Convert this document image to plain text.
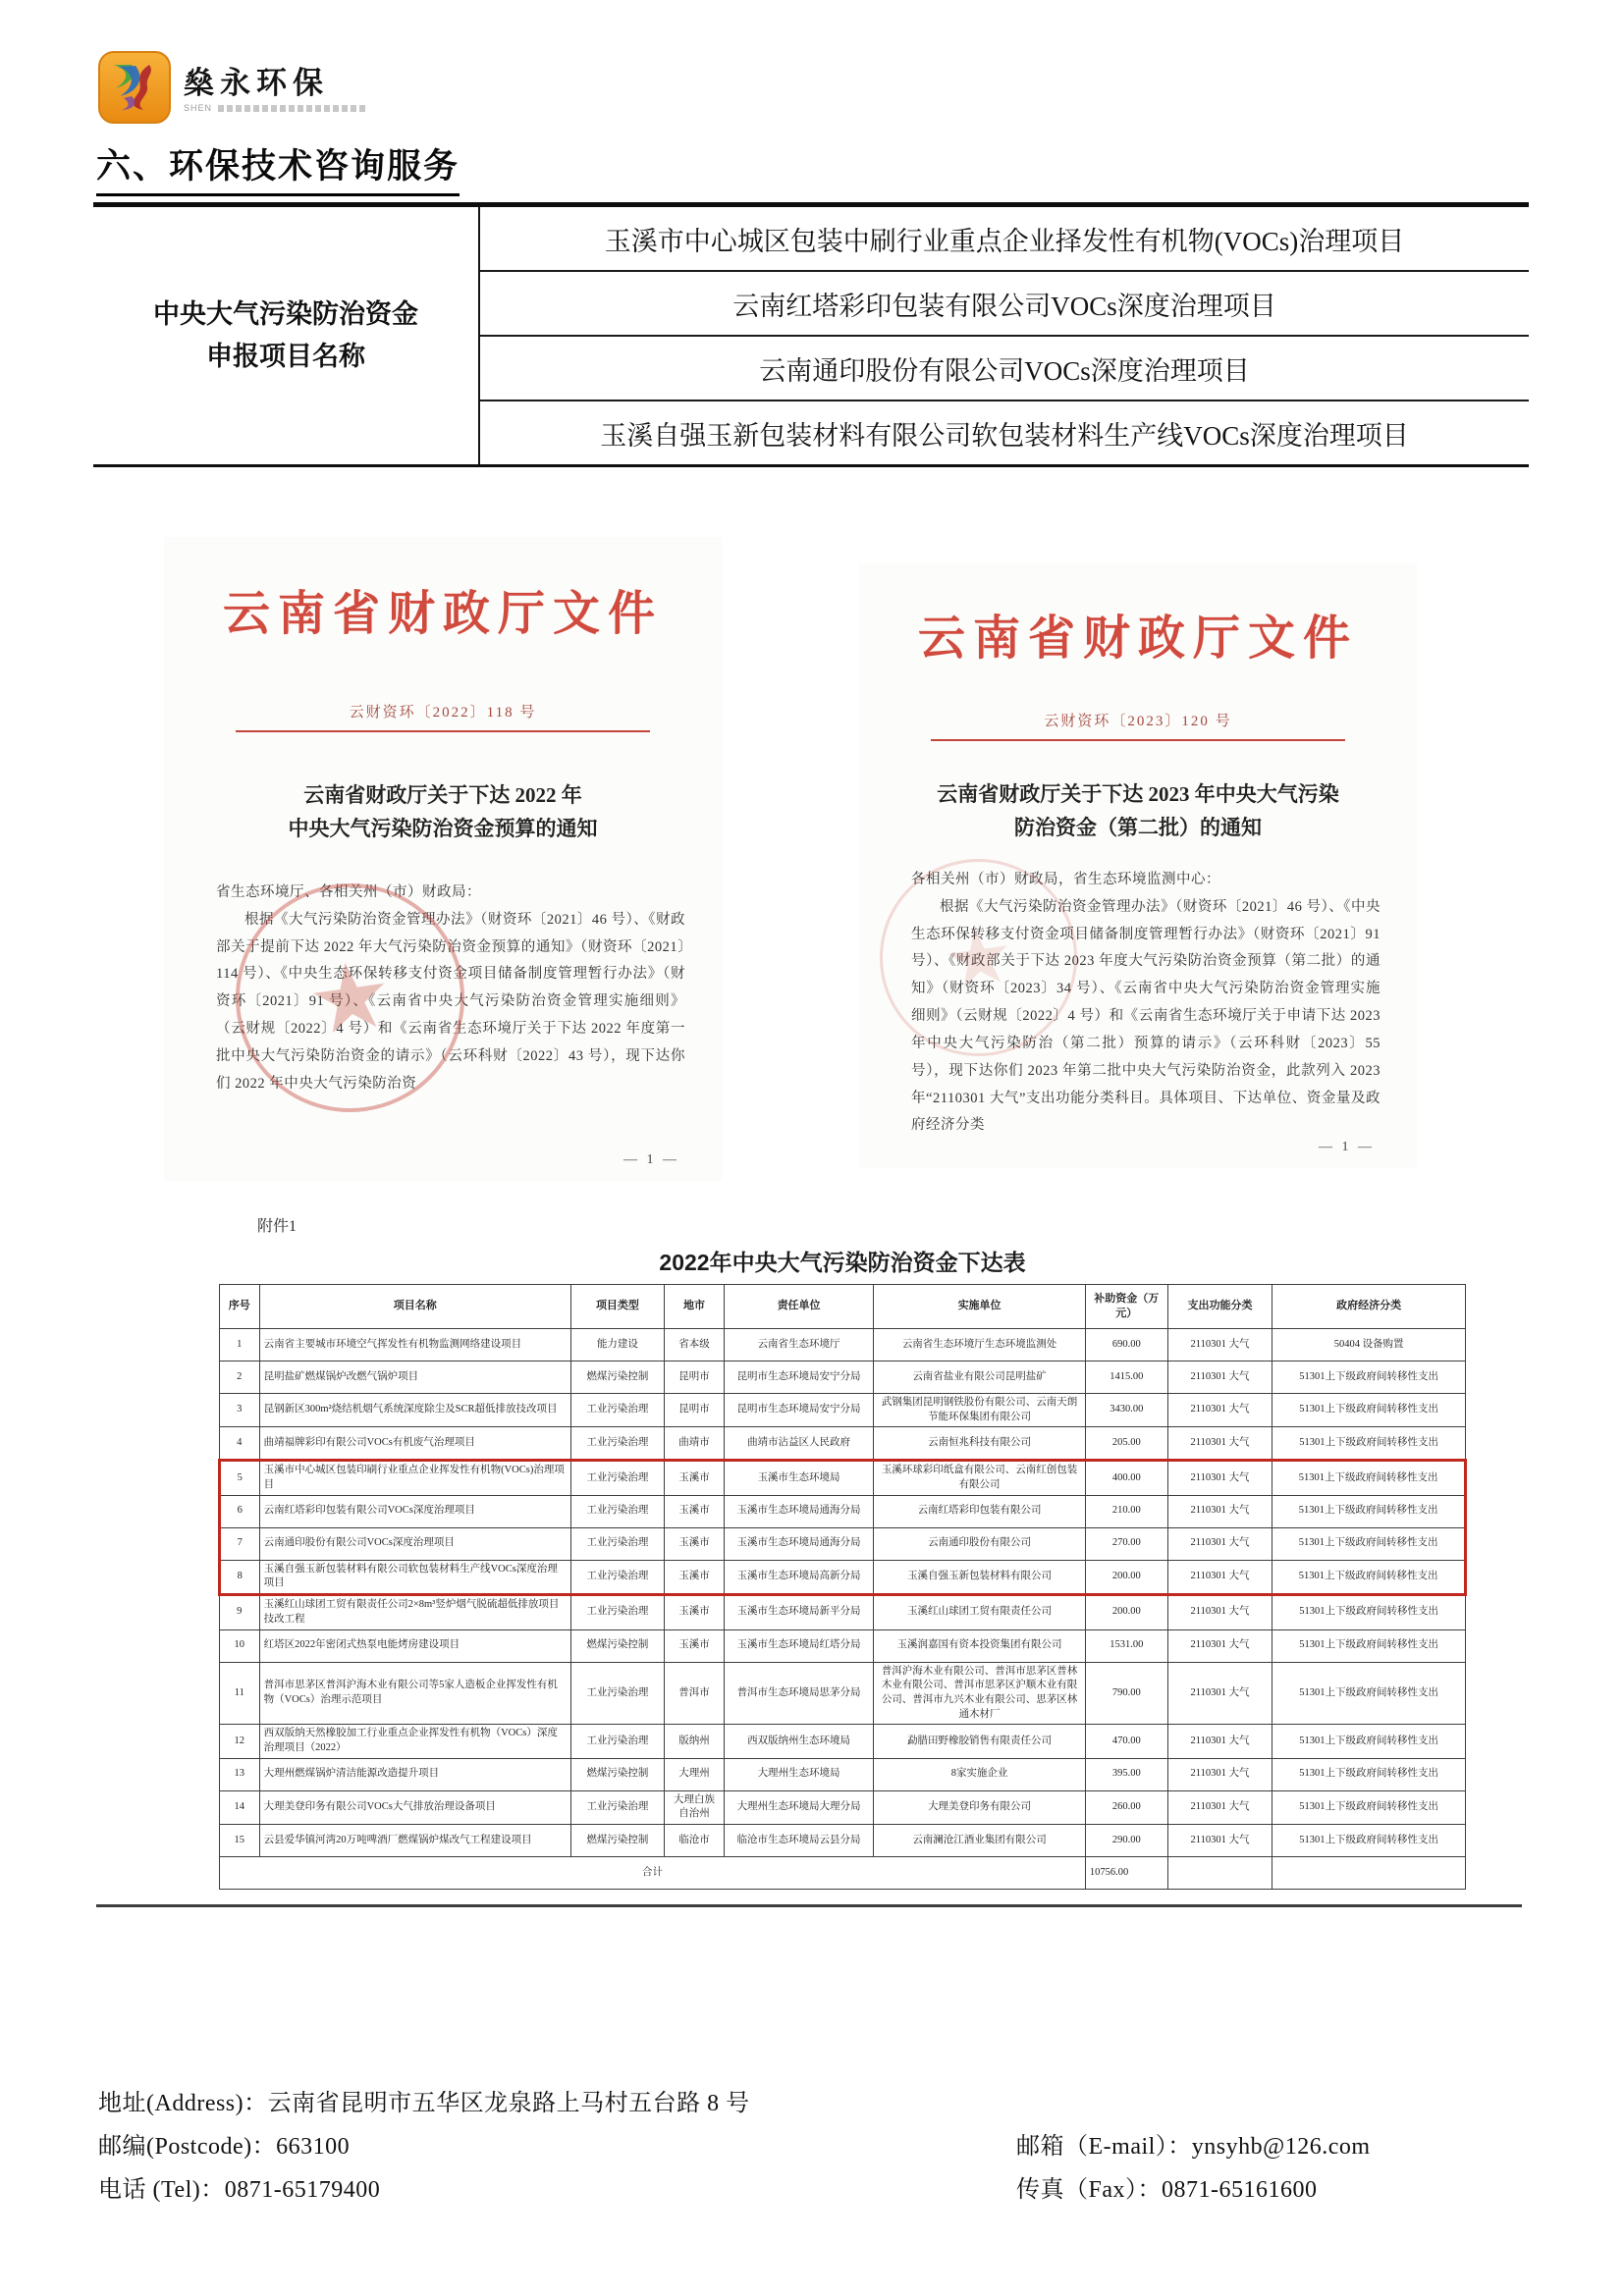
燊永环保
SHEN
六、环保技术咨询服务
中央大气污染防治资金申报项目名称
玉溪市中心城区包装中刷行业重点企业择发性有机物(VOCs)治理项目
云南红塔彩印包装有限公司VOCs深度治理项目
云南通印股份有限公司VOCs深度治理项目
玉溪自强玉新包装材料有限公司软包装材料生产线VOCs深度治理项目
云南省财政厅文件
云财资环〔2022〕118 号
云南省财政厅关于下达 2022 年
中央大气污染防治资金预算的通知

省生态环境厅、各相关州（市）财政局：

根据《大气污染防治资金管理办法》（财资环〔2021〕46 号）、《财政部关于提前下达 2022 年大气污染防治资金预算的通知》（财资环〔2021〕114 号）、《中央生态环保转移支付资金项目储备制度管理暂行办法》（财资环〔2021〕91 号）、《云南省中央大气污染防治资金管理实施细则》（云财规〔2022〕4 号）和《云南省生态环境厅关于下达 2022 年度第一批中央大气污染防治资金的请示》（云环科财〔2022〕43 号），现下达你们 2022 年中央大气污染防治资

★
— 1 —
云南省财政厅文件
云财资环〔2023〕120 号
云南省财政厅关于下达 2023 年中央大气污染
防治资金（第二批）的通知

各相关州（市）财政局，省生态环境监测中心：

根据《大气污染防治资金管理办法》（财资环〔2021〕46 号）、《中央生态环保转移支付资金项目储备制度管理暂行办法》（财资环〔2021〕91 号）、《财政部关于下达 2023 年度大气污染防治资金预算（第二批）的通知》（财资环〔2023〕34 号）、《云南省中央大气污染防治资金管理实施细则》（云财规〔2022〕4 号）和《云南省生态环境厅关于申请下达 2023 年中央大气污染防治（第二批）预算的请示》（云环科财〔2023〕55 号），现下达你们 2023 年第二批中央大气污染防治资金，此款列入 2023 年“2110301 大气”支出功能分类科目。具体项目、下达单位、资金量及政府经济分类

★
— 1 —
附件1
2022年中央大气污染防治资金下达表
序号	项目名称	项目类型	地市	责任单位	实施单位	补助资金（万元）	支出功能分类	政府经济分类
1	云南省主要城市环境空气挥发性有机物监测网络建设项目	能力建设	省本级	云南省生态环境厅	云南省生态环境厅生态环境监测处	690.00	2110301 大气	50404 设备购置
2	昆明盐矿燃煤锅炉改燃气锅炉项目	燃煤污染控制	昆明市	昆明市生态环境局安宁分局	云南省盐业有限公司昆明盐矿	1415.00	2110301 大气	51301上下级政府间转移性支出
3	昆钢新区300m²烧结机烟气系统深度除尘及SCR超低排放技改项目	工业污染治理	昆明市	昆明市生态环境局安宁分局	武钢集团昆明钢铁股份有限公司、云南天朗节能环保集团有限公司	3430.00	2110301 大气	51301上下级政府间转移性支出
4	曲靖福牌彩印有限公司VOCs有机废气治理项目	工业污染治理	曲靖市	曲靖市沾益区人民政府	云南恒兆科技有限公司	205.00	2110301 大气	51301上下级政府间转移性支出
5	玉溪市中心城区包装印刷行业重点企业挥发性有机物(VOCs)治理项目	工业污染治理	玉溪市	玉溪市生态环境局	玉溪环球彩印纸盒有限公司、云南红创包装有限公司	400.00	2110301 大气	51301上下级政府间转移性支出
6	云南红塔彩印包装有限公司VOCs深度治理项目	工业污染治理	玉溪市	玉溪市生态环境局通海分局	云南红塔彩印包装有限公司	210.00	2110301 大气	51301上下级政府间转移性支出
7	云南通印股份有限公司VOCs深度治理项目	工业污染治理	玉溪市	玉溪市生态环境局通海分局	云南通印股份有限公司	270.00	2110301 大气	51301上下级政府间转移性支出
8	玉溪自强玉新包装材料有限公司软包装材料生产线VOCs深度治理项目	工业污染治理	玉溪市	玉溪市生态环境局高新分局	玉溪自强玉新包装材料有限公司	200.00	2110301 大气	51301上下级政府间转移性支出
9	玉溪红山球团工贸有限责任公司2×8m³竖炉烟气脱硫超低排放项目技改工程	工业污染治理	玉溪市	玉溪市生态环境局新平分局	玉溪红山球团工贸有限责任公司	200.00	2110301 大气	51301上下级政府间转移性支出
10	红塔区2022年密闭式热泵电能烤房建设项目	燃煤污染控制	玉溪市	玉溪市生态环境局红塔分局	玉溪润嘉国有资本投资集团有限公司	1531.00	2110301 大气	51301上下级政府间转移性支出
11	普洱市思茅区普洱沪海木业有限公司等5家人造板企业挥发性有机物（VOCs）治理示范项目	工业污染治理	普洱市	普洱市生态环境局思茅分局	普洱沪海木业有限公司、普洱市思茅区普林木业有限公司、普洱市思茅区沪顺木业有限公司、普洱市九兴木业有限公司、思茅区林通木材厂	790.00	2110301 大气	51301上下级政府间转移性支出
12	西双版纳天然橡胶加工行业重点企业挥发性有机物（VOCs）深度治理项目（2022）	工业污染治理	版纳州	西双版纳州生态环境局	勐腊田野橡胶销售有限责任公司	470.00	2110301 大气	51301上下级政府间转移性支出
13	大理州燃煤锅炉清洁能源改造提升项目	燃煤污染控制	大理州	大理州生态环境局	8家实施企业	395.00	2110301 大气	51301上下级政府间转移性支出
14	大理美登印务有限公司VOCs大气排放治理设备项目	工业污染治理	大理白族自治州	大理州生态环境局大理分局	大理美登印务有限公司	260.00	2110301 大气	51301上下级政府间转移性支出
15	云县爱华镇河湾20万吨啤酒厂燃煤锅炉煤改气工程建设项目	燃煤污染控制	临沧市	临沧市生态环境局云县分局	云南澜沧江酒业集团有限公司	290.00	2110301 大气	51301上下级政府间转移性支出
合计						10756.00		
地址(Address)：云南省昆明市五华区龙泉路上马村五台路 8 号
邮编(Postcode)：663100	邮箱（E-mail）：ynsyhb@126.com
电话 (Tel)：0871-65179400	传真（Fax）：0871-65161600
